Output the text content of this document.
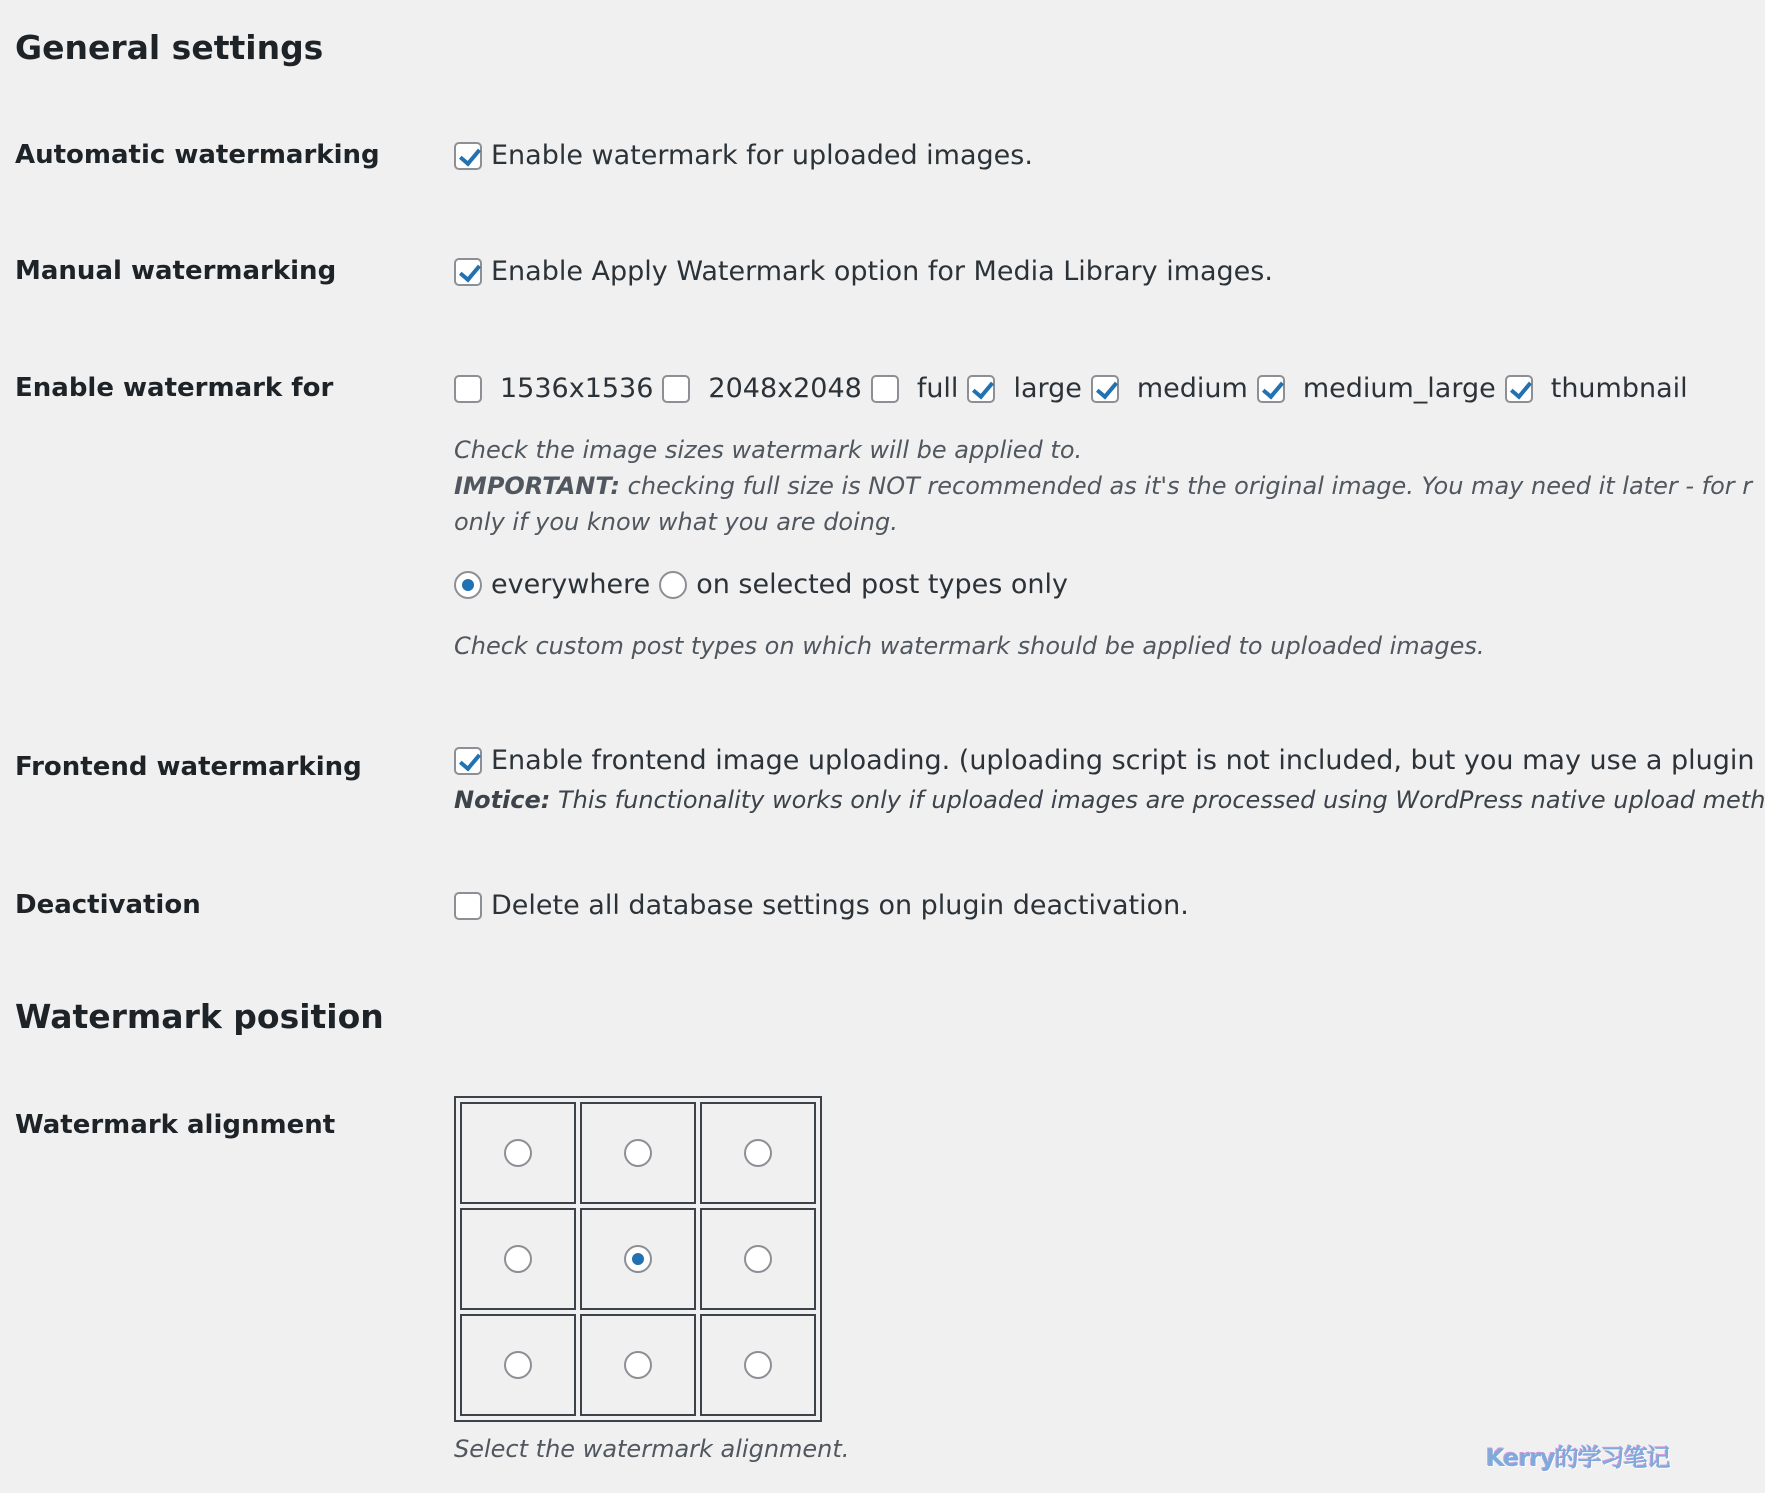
General settings
Automatic watermarking	Enable watermark for uploaded images.
Manual watermarking	Enable Apply Watermark option for Media Library images.
Enable watermark for	1536x1536 2048x2048 full large medium medium_large thumbnail
Check the image sizes watermark will be applied to.
IMPORTANT: checking full size is NOT recommended as it's the original image. You may need it later - for r
only if you know what you are doing.
everywhere on selected post types only
Check custom post types on which watermark should be applied to uploaded images.
Frontend watermarking	Enable frontend image uploading. (uploading script is not included, but you may use a plugin
Notice: This functionality works only if uploaded images are processed using WordPress native upload meth
Deactivation	Delete all database settings on plugin deactivation.
Watermark position
Watermark alignment
Select the watermark alignment.	Kerry的学习笔记
